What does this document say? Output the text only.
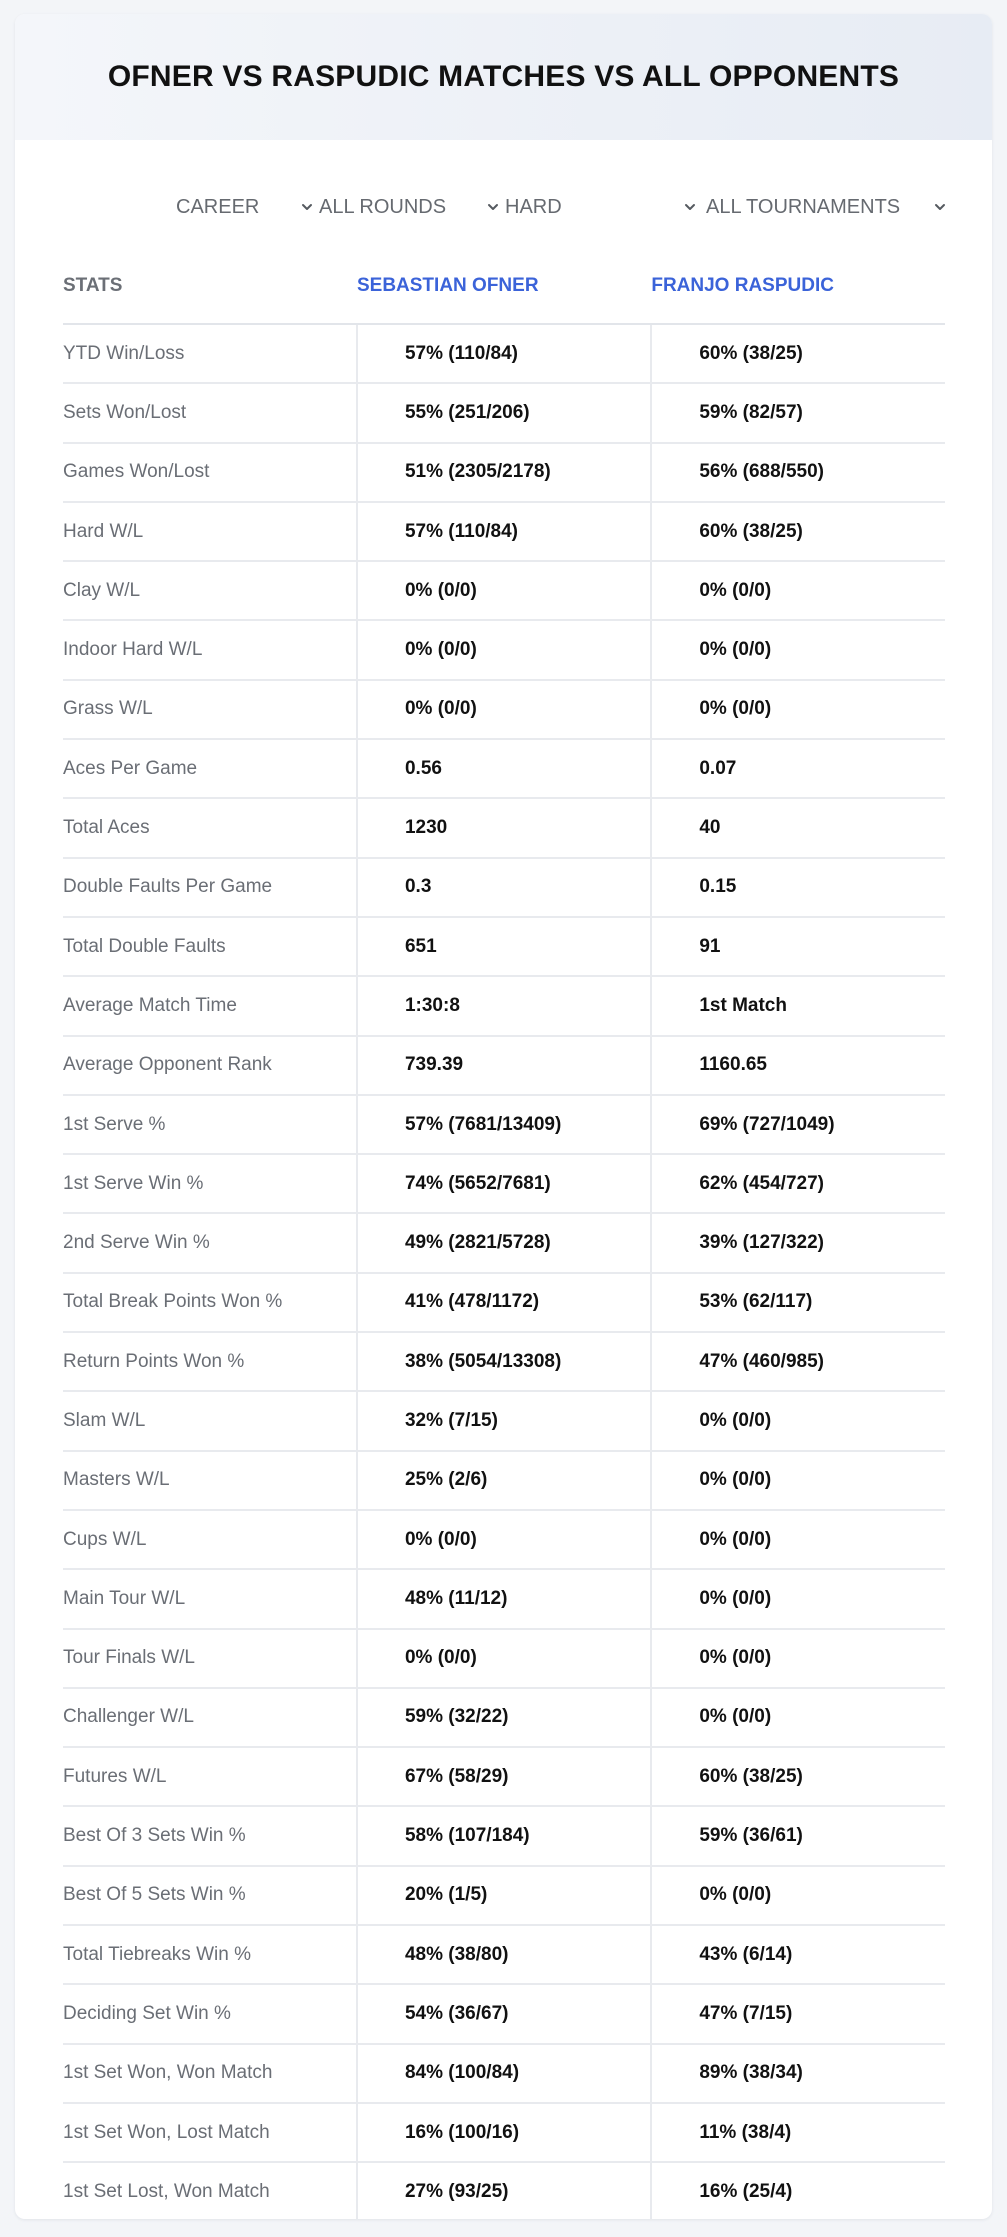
OFNER VS RASPUDIC MATCHES VS ALL OPPONENTS
CAREER	ALL ROUNDS	HARD	ALL TOURNAMENTS
STATS	SEBASTIAN OFNER	FRANJO RASPUDIC
YTD Win/Loss	57% (110/84)	60% (38/25)
Sets Won/Lost	55% (251/206)	59% (82/57)
Games Won/Lost	51% (2305/2178)	56% (688/550)
Hard W/L	57% (110/84)	60% (38/25)
Clay W/L	0% (0/0)	0% (0/0)
Indoor Hard W/L	0% (0/0)	0% (0/0)
Grass W/L	0% (0/0)	0% (0/0)
Aces Per Game	0.56	0.07
Total Aces	1230	40
Double Faults Per Game	0.3	0.15
Total Double Faults	651	91
Average Match Time	1:30:8	1st Match
Average Opponent Rank	739.39	1160.65
1st Serve %	57% (7681/13409)	69% (727/1049)
1st Serve Win %	74% (5652/7681)	62% (454/727)
2nd Serve Win %	49% (2821/5728)	39% (127/322)
Total Break Points Won %	41% (478/1172)	53% (62/117)
Return Points Won %	38% (5054/13308)	47% (460/985)
Slam W/L	32% (7/15)	0% (0/0)
Masters W/L	25% (2/6)	0% (0/0)
Cups W/L	0% (0/0)	0% (0/0)
Main Tour W/L	48% (11/12)	0% (0/0)
Tour Finals W/L	0% (0/0)	0% (0/0)
Challenger W/L	59% (32/22)	0% (0/0)
Futures W/L	67% (58/29)	60% (38/25)
Best Of 3 Sets Win %	58% (107/184)	59% (36/61)
Best Of 5 Sets Win %	20% (1/5)	0% (0/0)
Total Tiebreaks Win %	48% (38/80)	43% (6/14)
Deciding Set Win %	54% (36/67)	47% (7/15)
1st Set Won, Won Match	84% (100/84)	89% (38/34)
1st Set Won, Lost Match	16% (100/16)	11% (38/4)
1st Set Lost, Won Match	27% (93/25)	16% (25/4)
